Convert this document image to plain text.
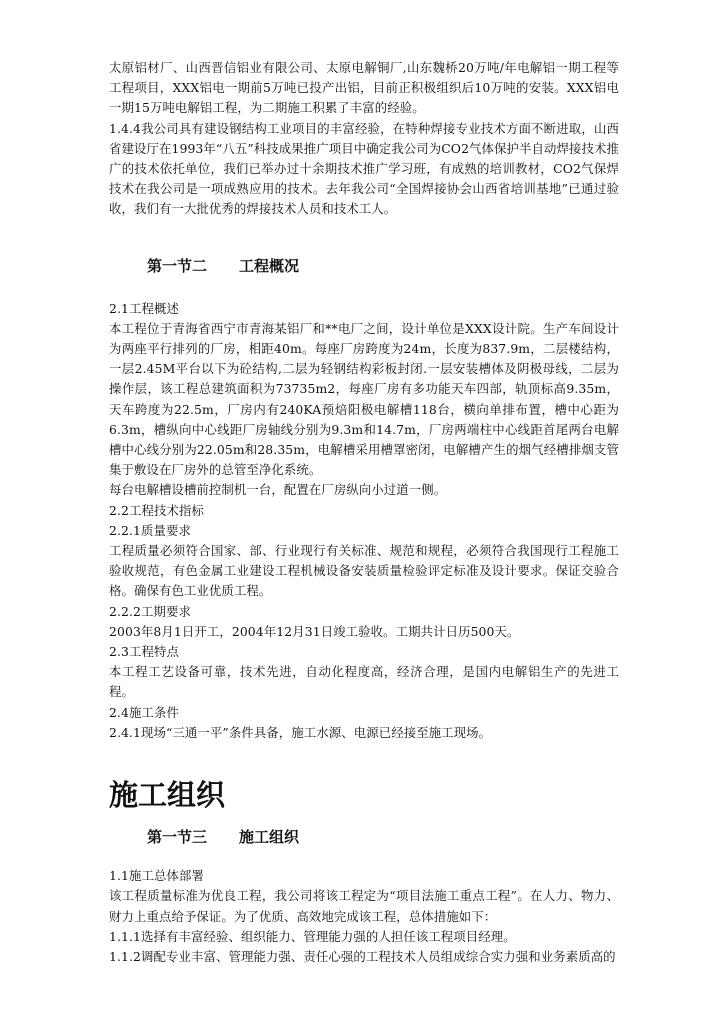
太原铝材厂、山西晋信铝业有限公司、太原电解铜厂,山东魏桥20万吨/年电解铝一期工程等工程项目，XXX铝电一期前5万吨已投产出铝，目前正积极组织后10万吨的安装。XXX铝电一期15万吨电解铝工程，为二期施工积累了丰富的经验。

1.4.4我公司具有建设钢结构工业项目的丰富经验，在特种焊接专业技术方面不断进取，山西省建设厅在1993年“八五”科技成果推广项目中确定我公司为CO2气体保护半自动焊接技术推广的技术依托单位，我们已举办过十余期技术推广学习班，有成熟的培训教材，CO2气保焊技术在我公司是一项成熟应用的技术。去年我公司“全国焊接协会山西省培训基地”已通过验收，我们有一大批优秀的焊接技术人员和技术工人。

第一节二 工程概况

2.1工程概述

本工程位于青海省西宁市青海某铝厂和**电厂之间，设计单位是XXX设计院。生产车间设计为两座平行排列的厂房，相距40m。每座厂房跨度为24m，长度为837.9m，二层楼结构，一层2.45M平台以下为砼结构,二层为轻钢结构彩板封闭.一层安装槽体及阴极母线，二层为操作层，该工程总建筑面积为73735m2，每座厂房有多功能天车四部，轨顶标高9.35m，天车跨度为22.5m，厂房内有240KA预焙阳极电解槽118台，横向单排布置，槽中心距为6.3m，槽纵向中心线距厂房轴线分别为9.3m和14.7m，厂房两端柱中心线距首尾两台电解槽中心线分别为22.05m和28.35m，电解槽采用槽罩密闭，电解槽产生的烟气经槽排烟支管集于敷设在厂房外的总管至净化系统。

每台电解槽设槽前控制机一台，配置在厂房纵向小过道一侧。

2.2工程技术指标

2.2.1质量要求

工程质量必须符合国家、部、行业现行有关标准、规范和规程，必须符合我国现行工程施工验收规范，有色金属工业建设工程机械设备安装质量检验评定标准及设计要求。保证交验合格。确保有色工业优质工程。

2.2.2工期要求

2003年8月1日开工，2004年12月31日竣工验收。工期共计日历500天。

2.3工程特点

本工程工艺设备可靠，技术先进，自动化程度高，经济合理，是国内电解铝生产的先进工程。

2.4施工条件

2.4.1现场“三通一平”条件具备，施工水源、电源已经接至施工现场。

施工组织
第一节三 施工组织

1.1施工总体部署

该工程质量标准为优良工程，我公司将该工程定为“项目法施工重点工程”。在人力、物力、财力上重点给予保证。为了优质、高效地完成该工程，总体措施如下：

1.1.1选择有丰富经验、组织能力、管理能力强的人担任该工程项目经理。

1.1.2调配专业丰富、管理能力强、责任心强的工程技术人员组成综合实力强和业务素质高的
